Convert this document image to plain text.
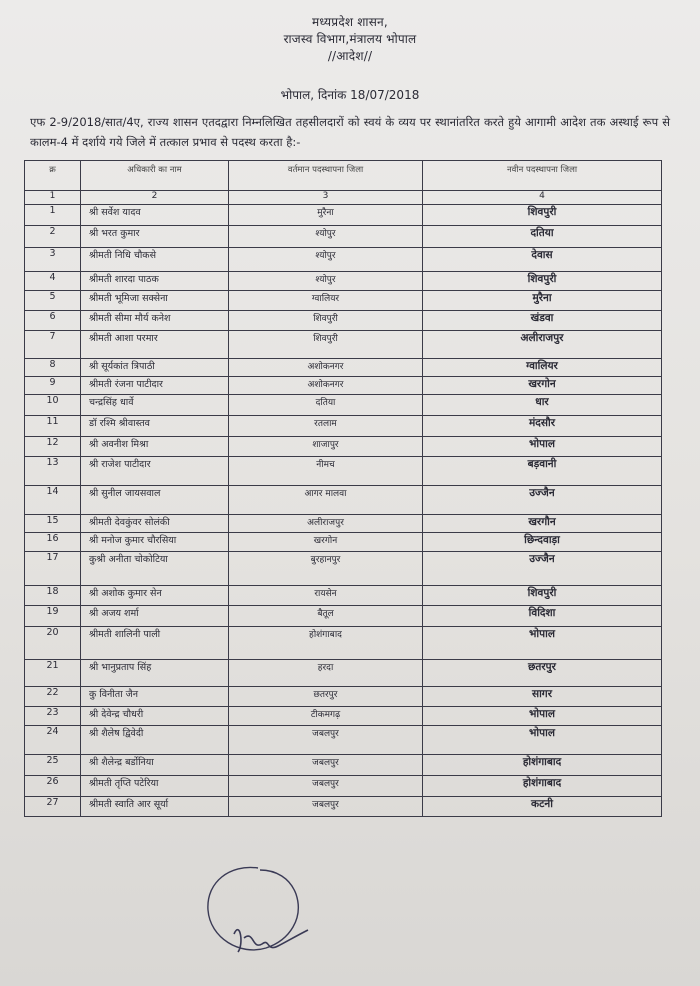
मध्यप्रदेश शासन,
राजस्व विभाग,मंत्रालय भोपाल
//आदेश//
भोपाल, दिनांक 18/07/2018
एफ 2-9/2018/सात/4ए, राज्य शासन एतदद्वारा निम्नलिखित तहसीलदारों को स्वयं के व्यय पर स्थानांतरित करते हुये आगामी आदेश तक अस्थाई रूप से कालम-4 में दर्शाये गये जिले में तत्काल प्रभाव से पदस्थ करता है:-
क्र	अधिकारी का नाम	वर्तमान पदस्थापना जिला	नवीन पदस्थापना जिला
1	2	3	4
1	श्री सर्वेश यादव	मुरैना	शिवपुरी
2	श्री भरत कुमार	श्योपुर	दतिया
3	श्रीमती निधि चौकसे	श्योपुर	देवास
4	श्रीमती शारदा पाठक	श्योपुर	शिवपुरी
5	श्रीमती भूमिजा सक्सेना	ग्वालियर	मुरैना
6	श्रीमती सीमा मौर्य कनेश	शिवपुरी	खंडवा
7	श्रीमती आशा परमार	शिवपुरी	अलीराजपुर
8	श्री सूर्यकांत त्रिपाठी	अशोकनगर	ग्वालियर
9	श्रीमती रंजना पाटीदार	अशोकनगर	खरगोन
10	चन्द्रसिंह धार्वे	दतिया	धार
11	डॉ रश्मि श्रीवास्तव	रतलाम	मंदसौर
12	श्री अवनीश मिश्रा	शाजापुर	भोपाल
13	श्री राजेश पाटीदार	नीमच	बड़वानी
14	श्री सुनील जायसवाल	आगर मालवा	उज्जैन
15	श्रीमती देवकुंवर सोलंकी	अलीराजपुर	खरगौन
16	श्री मनोज कुमार चौरसिया	खरगोन	छिन्दवाड़ा
17	कुश्री अनीता चोकोटिया	बुरहानपुर	उज्जैन
18	श्री अशोक कुमार सेन	रायसेन	शिवपुरी
19	श्री अजय शर्मा	बैतूल	विदिशा
20	श्रीमती शालिनी पाली	होशंगाबाद	भोपाल
21	श्री भानुप्रताप सिंह	हरदा	छतरपुर
22	कु विनीता जैन	छतरपुर	सागर
23	श्री देवेन्द्र चौधरी	टीकमगढ़	भोपाल
24	श्री शैलेष द्विवेदी	जबलपुर	भोपाल
25	श्री शैलेन्द्र बर्डोनिया	जबलपुर	होशंगाबाद
26	श्रीमती तृप्ति पटेरिया	जबलपुर	होशंगाबाद
27	श्रीमती स्वाति आर सूर्या	जबलपुर	कटनी
